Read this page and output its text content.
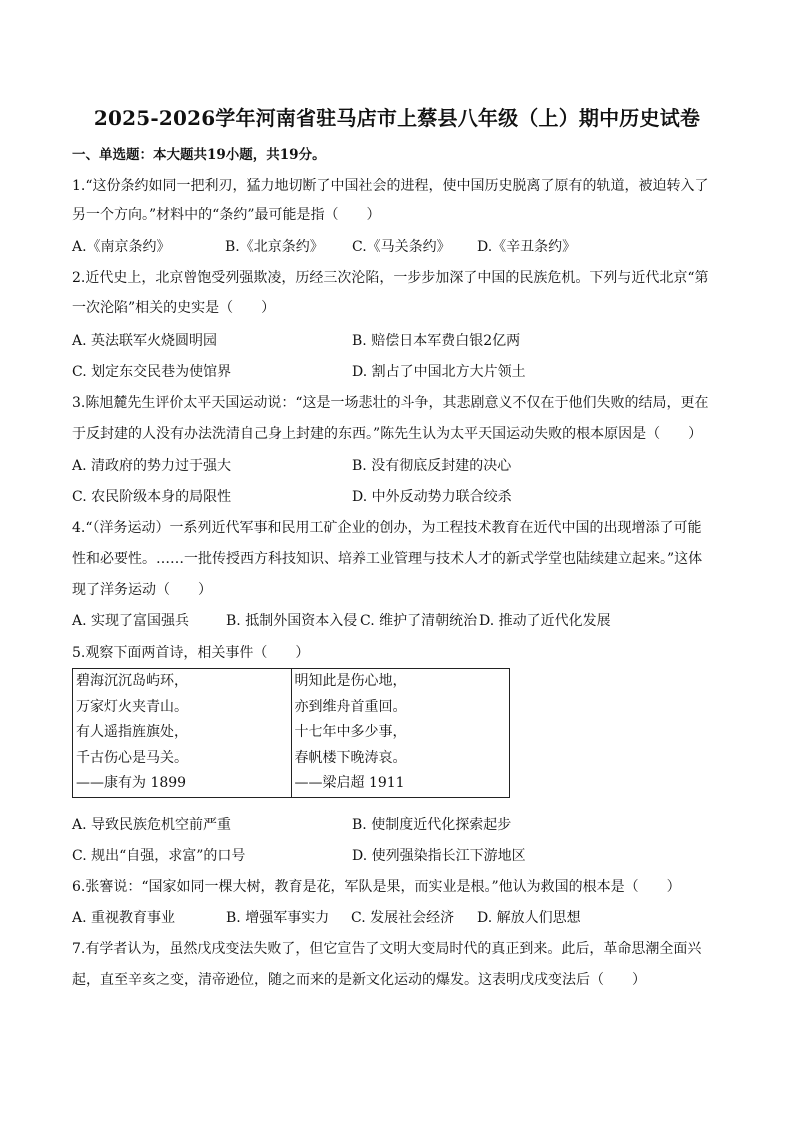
2025-2026学年河南省驻马店市上蔡县八年级（上）期中历史试卷
一、单选题：本大题共19小题，共19分。
1.“这份条约如同一把利刃，猛力地切断了中国社会的进程，使中国历史脱离了原有的轨道，被迫转入了
另一个方向。”材料中的“条约”最可能是指（　　）
A.《南京条约》	B.《北京条约》 C.《马关条约》 D.《辛丑条约》
2.近代史上，北京曾饱受列强欺凌，历经三次沦陷，一步步加深了中国的民族危机。下列与近代北京“第
一次沦陷”相关的史实是（　　）
A. 英法联军火烧圆明园	B. 赔偿日本军费白银2亿两
C. 划定东交民巷为使馆界	D. 割占了中国北方大片领土
3.陈旭麓先生评价太平天国运动说：“这是一场悲壮的斗争，其悲剧意义不仅在于他们失败的结局，更在
于反封建的人没有办法洗清自己身上封建的东西。”陈先生认为太平天国运动失败的根本原因是（　　）
A. 清政府的势力过于强大	B. 没有彻底反封建的决心
C. 农民阶级本身的局限性	D. 中外反动势力联合绞杀
4.“（洋务运动）一系列近代军事和民用工矿企业的创办，为工程技术教育在近代中国的出现增添了可能
性和必要性。……一批传授西方科技知识、培养工业管理与技术人才的新式学堂也陆续建立起来。”这体
现了洋务运动（　　）
A. 实现了富国强兵	B. 抵制外国资本入侵 C. 维护了清朝统治 D. 推动了近代化发展
5.观察下面两首诗，相关事件（　　）
碧海沉沉岛屿环，
万家灯火夹青山。
有人遥指旌旗处，
千古伤心是马关。
——康有为 1899

明知此是伤心地，
亦到维舟首重回。
十七年中多少事，
春帆楼下晚涛哀。
——梁启超 1911
A. 导致民族危机空前严重	B. 使制度近代化探索起步
C. 规出“自强，求富”的口号	D. 使列强染指长江下游地区
6.张謇说：“国家如同一棵大树，教育是花，军队是果，而实业是根。”他认为救国的根本是（　　）
A. 重视教育事业	B. 增强军事实力 C. 发展社会经济 D. 解放人们思想
7.有学者认为，虽然戊戌变法失败了，但它宣告了文明大变局时代的真正到来。此后，革命思潮全面兴
起，直至辛亥之变，清帝逊位，随之而来的是新文化运动的爆发。这表明戊戌变法后（　　）
